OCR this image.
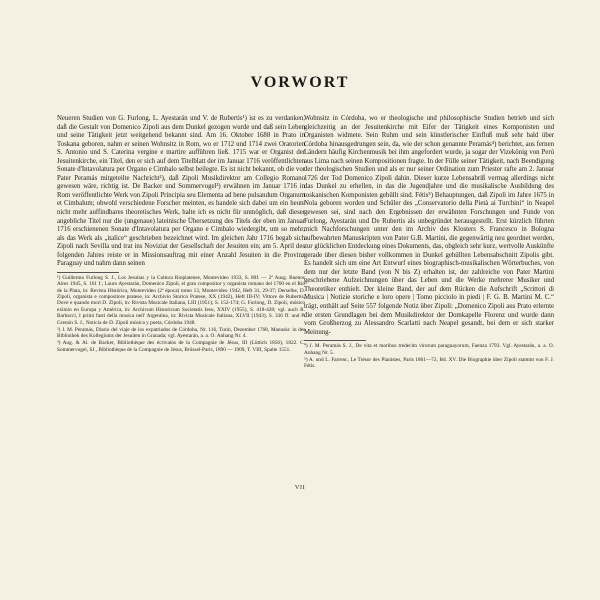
VORWORT

Neueren Studien von G. Furlong, L. Ayestarán und V. de Rubertis¹) ist es zu verdanken, daß die Gestalt von Domenico Zipoli aus dem Dunkel gezogen wurde und daß sein Leben und seine Tätigkeit jetzt weitgehend bekannt sind. Am 16. Oktober 1688 in Prato in Toskana geboren, nahm er seinen Wohnsitz in Rom, wo er 1712 und 1714 zwei Oratorien S. Antonio und S. Caterina vergine e martire aufführen ließ. 1715 war er Organist der Jesuitenkirche, ein Titel, den er sich auf dem Titelblatt der im Januar 1716 veröffentlichten Sonate d'Intavolatura per Organo e Cimbalo selbst beilegte. Es ist nicht bekannt, ob die vor Pater Peramás mitgeteilte Nachricht²), daß Zipoli Musikdirektor am Collegio Romano gewesen wäre, richtig ist. De Backer und Sommervogel³) erwähnen im Januar 1716 in Rom veröffentlichte Werk von Zipoli Principia seu Elementa ad bene pulsandum Organum et Cimbalum; obwohl verschiedene Forscher meinten, es handele sich dabei um ein heute nicht mehr auffindbares theoretisches Werk, halte ich es nicht für unmöglich, daß dieser angebliche Titel nur die (ungenaue) lateinische Übersetzung des Titels der eben im Januar 1716 erschienenen Sonate d'Intavolatura per Organo e Cimbalo wiedergibt, um so mehr, als das Werk als „italice“ geschrieben bezeichnet wird. Im gleichen Jahr 1716 begab sich Zipoli nach Sevilla und trat ins Noviziat der Gesellschaft der Jesuiten ein; am 5. April des folgenden Jahres reiste er in Missionsauftrag mit einer Anzahl Jesuiten in die Provinz Paraguay und nahm dann seinen

¹) Guillermo Furlong S. J., Los Jesuitas y la Cultura Rioplatense, Montevideo 1933, S. 80f. — 2ª Ausg. Buenos Aires 1945, S. 161 f.; Lauro Ayestarán, Domenico Zipoli, el gran compositor y organista romano del 1700 en el Río de la Plata, in: Revista Histórica, Montevideo (2ª época) tomo 13, Montevideo 1942, Heft 31, 29-37; Derselbe, D. Zipoli, organista e compositore pratese, in: Archivio Storico Pratese, XX (1942), Heft III-IV; Vittore de Rubertis, Dove e quando morì D. Zipoli, in: Rivista Musicale Italiana, LIII (1951); S. 152-174; G. Furlong, D. Zipoli, músico eximio en Europa y América, in: Archivum Historicum Societatis Iesu, XXIV (1955), S. 418-428; vgl. auch R. Barbacci, I primi fasti della musica nell' Argentina, in: Rivista Musicale Italiana, XLVII (1943), S. 336 ff. und P. Grenón S. J., Noticia de D. Zipoli música y poeta, Córdoba 1948.
²) J. M. Peramás, Diario del viaje de los expatriados de Córdoba, Nr. 116, Turin, Dezember 1768, Manuskr. in der Bibliothek des Kollegiums der Jesuiten in Granada; vgl. Ayestarán, a. a. O. Anhang Nr. 4.
³) Aug. & Al. de Backer, Bibliothèque des écrivains de la Compagnie de Jésus, III (Lüttich 1856), 1822. C. Sommervogel, SJ., Bibliothèque de la Compagnie de Jésus, Brüssel-Paris, 1890 — 1909, T. VIII, Spalte 1551.

Wohnsitz in Córdoba, wo er theologische und philosophische Studien betrieb und sich gleichzeitig an der Jesuitenkirche mit Eifer der Tätigkeit eines Komponisten und Organisten widmete. Sein Ruhm und sein künstlerischer Einfluß muß sehr bald über Córdoba hinausgedrungen sein, da, wie der schon genannte Peramás⁴) berichtet, aus fernen Ländern häufig Kirchenmusik bei ihm angefordert wurde, ja sogar der Vizekönig von Perú aus Lima nach seinen Kompositionen fragte. In der Fülle seiner Tätigkeit, nach Beendigung der theologischen Studien und als er nur seiner Ordination zum Priester rafte am 2. Januar 1726 der Tod Domenico Zipoli dahin. Dieser kurze Lebensabriß vermag allerdings nicht das Dunkel zu erhellen, in das die Jugendjahre und die musikalische Ausbildung des toskanischen Komponisten gehüllt sind. Fétis⁵) Behauptungen, daß Zipoli im Jahre 1675 in Nola geboren worden und Schüler des „Conservatorio della Pietà ai Turchini“ in Neapel gewesen sei, sind nach den Ergebnissen der erwähnten Forschungen und Funde von Furlong, Ayestarán und De Rubertis als unbegründet herausgestellt. Erst kürzlich führten mich Nachforschungen unter den im Archiv des Klosters S. Francesco in Bologna aufbewahrten Manuskripten von Pater G.B. Martini, die gegenwärtig neu geordnet werden, zur glücklichen Entdeckung eines Dokuments, das, obgleich sehr kurz, wertvolle Auskünfte gerade über diesen bisher vollkommen in Dunkel gehüllten Lebensabschnitt Zipolis gibt. Es handelt sich um eine Art Entwurf eines biographisch-musikalischen Wörterbuches, von dem nur der letzte Band (von N bis Z) erhalten ist, der zahlreiche von Pater Martini geschriebene Aufzeichnungen über das Leben und die Werke mehrerer Musiker und Theoretiker enthielt. Der kleine Band, der auf dem Rücken die Aufschrift „Scrittori di Musica | Notizie storiche e loro opere | Tomo picciolo in piedi | F. G. B. Martini M. C.“ trägt, enthält auf Seite 557 folgende Notiz über Zipoli: „Domenico Zipoli aus Prato erlernte die ersten Grundlagen bei dem Musikdirektor der Domkapelle Florenz und wurde dann vom Großherzog zu Alessandro Scarlatti nach Neapel gesandt, bei dem er sich starker Meinung-

⁴) J. M. Peramás S. J., De vita et moribus tredecim virorum paraguayorum, Faenza 1793. Vgl. Ayestarán, a. a. O. Anhang Nr. 5.
⁵) A. und L. Farrenc, Le Trésor des Pianistes, Paris 1861—72, Bd. XV. Die Biographie über Zipoli stammt von F. J. Fétis.
VII
